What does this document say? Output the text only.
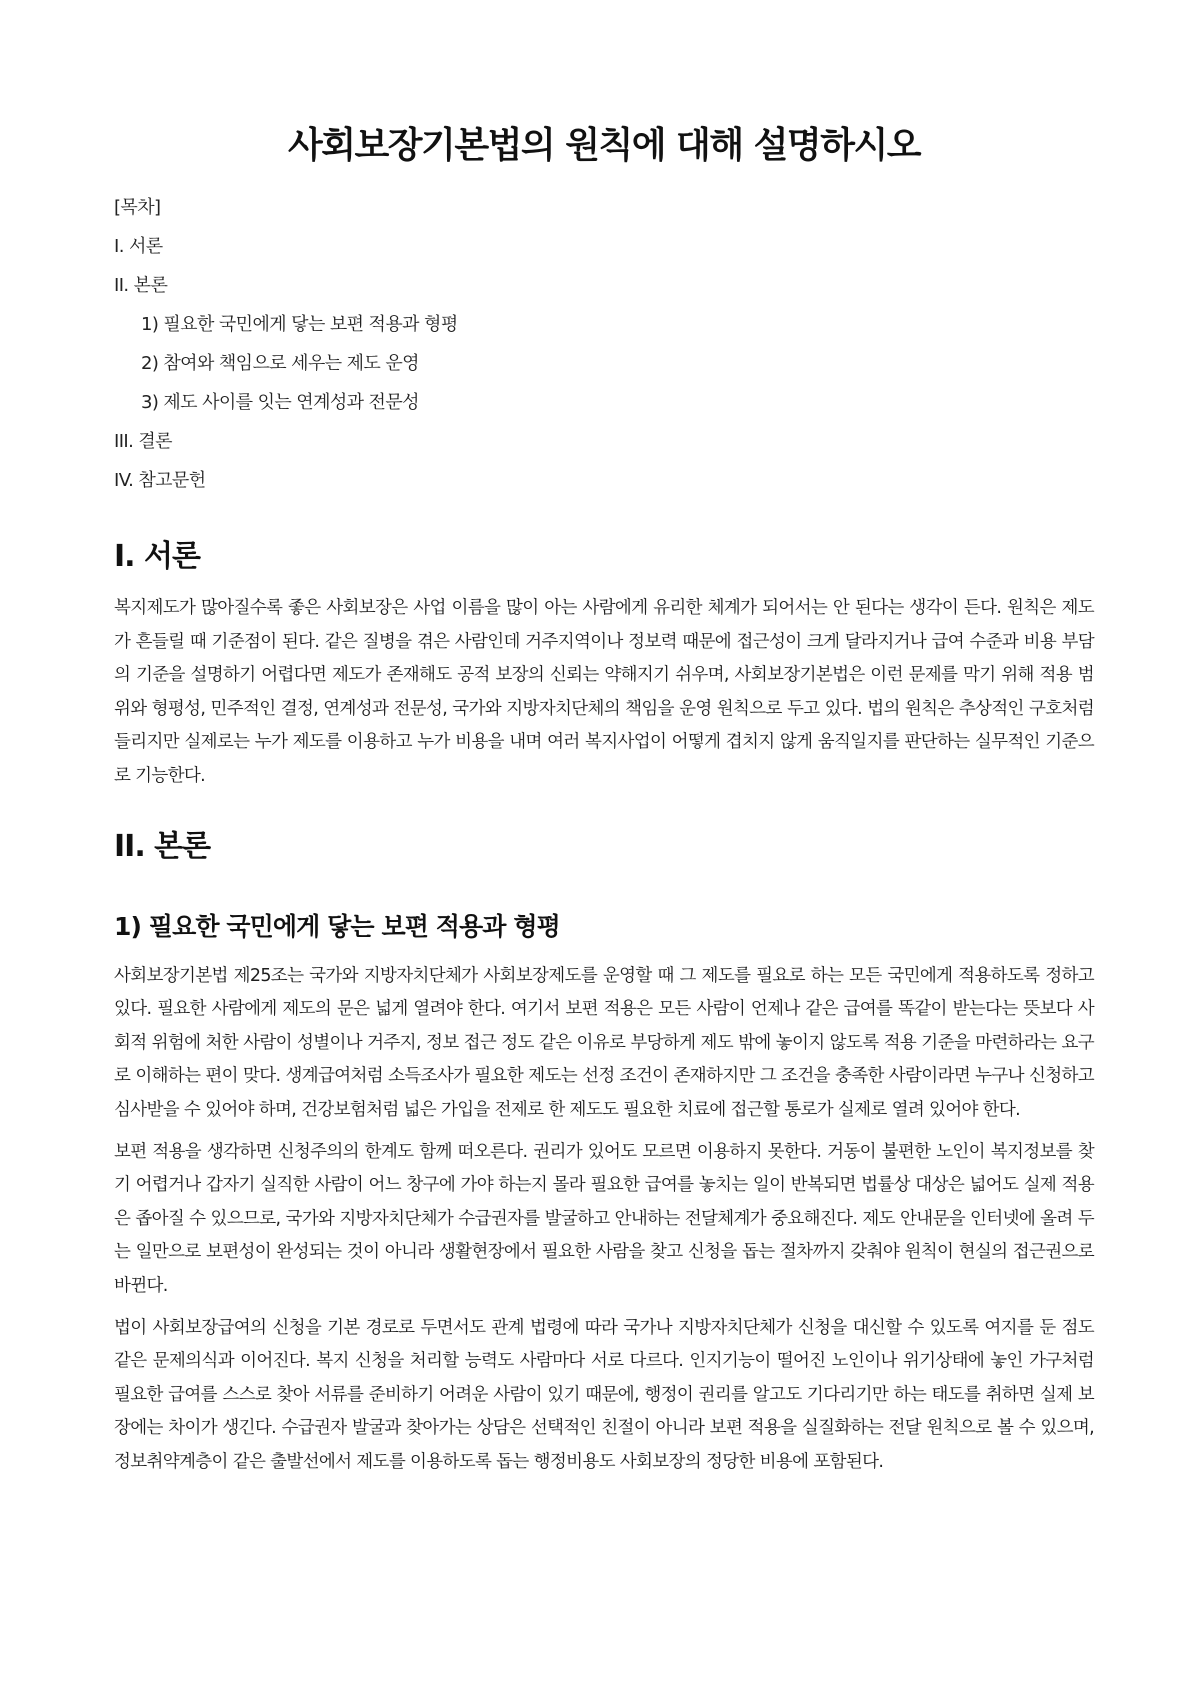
사회보장기본법의 원칙에 대해 설명하시오
[목차]
I. 서론
II. 본론
1) 필요한 국민에게 닿는 보편 적용과 형평
2) 참여와 책임으로 세우는 제도 운영
3) 제도 사이를 잇는 연계성과 전문성
III. 결론
IV. 참고문헌
I. 서론

복지제도가 많아질수록 좋은 사회보장은 사업 이름을 많이 아는 사람에게 유리한 체계가 되어서는 안 된다는 생각이 든다. 원칙은 제도가 흔들릴 때 기준점이 된다. 같은 질병을 겪은 사람인데 거주지역이나 정보력 때문에 접근성이 크게 달라지거나 급여 수준과 비용 부담의 기준을 설명하기 어렵다면 제도가 존재해도 공적 보장의 신뢰는 약해지기 쉬우며, 사회보장기본법은 이런 문제를 막기 위해 적용 범위와 형평성, 민주적인 결정, 연계성과 전문성, 국가와 지방자치단체의 책임을 운영 원칙으로 두고 있다. 법의 원칙은 추상적인 구호처럼 들리지만 실제로는 누가 제도를 이용하고 누가 비용을 내며 여러 복지사업이 어떻게 겹치지 않게 움직일지를 판단하는 실무적인 기준으로 기능한다.

II. 본론
1) 필요한 국민에게 닿는 보편 적용과 형평

사회보장기본법 제25조는 국가와 지방자치단체가 사회보장제도를 운영할 때 그 제도를 필요로 하는 모든 국민에게 적용하도록 정하고 있다. 필요한 사람에게 제도의 문은 넓게 열려야 한다. 여기서 보편 적용은 모든 사람이 언제나 같은 급여를 똑같이 받는다는 뜻보다 사회적 위험에 처한 사람이 성별이나 거주지, 정보 접근 정도 같은 이유로 부당하게 제도 밖에 놓이지 않도록 적용 기준을 마련하라는 요구로 이해하는 편이 맞다. 생계급여처럼 소득조사가 필요한 제도는 선정 조건이 존재하지만 그 조건을 충족한 사람이라면 누구나 신청하고 심사받을 수 있어야 하며, 건강보험처럼 넓은 가입을 전제로 한 제도도 필요한 치료에 접근할 통로가 실제로 열려 있어야 한다.

보편 적용을 생각하면 신청주의의 한계도 함께 떠오른다. 권리가 있어도 모르면 이용하지 못한다. 거동이 불편한 노인이 복지정보를 찾기 어렵거나 갑자기 실직한 사람이 어느 창구에 가야 하는지 몰라 필요한 급여를 놓치는 일이 반복되면 법률상 대상은 넓어도 실제 적용은 좁아질 수 있으므로, 국가와 지방자치단체가 수급권자를 발굴하고 안내하는 전달체계가 중요해진다. 제도 안내문을 인터넷에 올려 두는 일만으로 보편성이 완성되는 것이 아니라 생활현장에서 필요한 사람을 찾고 신청을 돕는 절차까지 갖춰야 원칙이 현실의 접근권으로 바뀐다.

법이 사회보장급여의 신청을 기본 경로로 두면서도 관계 법령에 따라 국가나 지방자치단체가 신청을 대신할 수 있도록 여지를 둔 점도 같은 문제의식과 이어진다. 복지 신청을 처리할 능력도 사람마다 서로 다르다. 인지기능이 떨어진 노인이나 위기상태에 놓인 가구처럼 필요한 급여를 스스로 찾아 서류를 준비하기 어려운 사람이 있기 때문에, 행정이 권리를 알고도 기다리기만 하는 태도를 취하면 실제 보장에는 차이가 생긴다. 수급권자 발굴과 찾아가는 상담은 선택적인 친절이 아니라 보편 적용을 실질화하는 전달 원칙으로 볼 수 있으며, 정보취약계층이 같은 출발선에서 제도를 이용하도록 돕는 행정비용도 사회보장의 정당한 비용에 포함된다.
